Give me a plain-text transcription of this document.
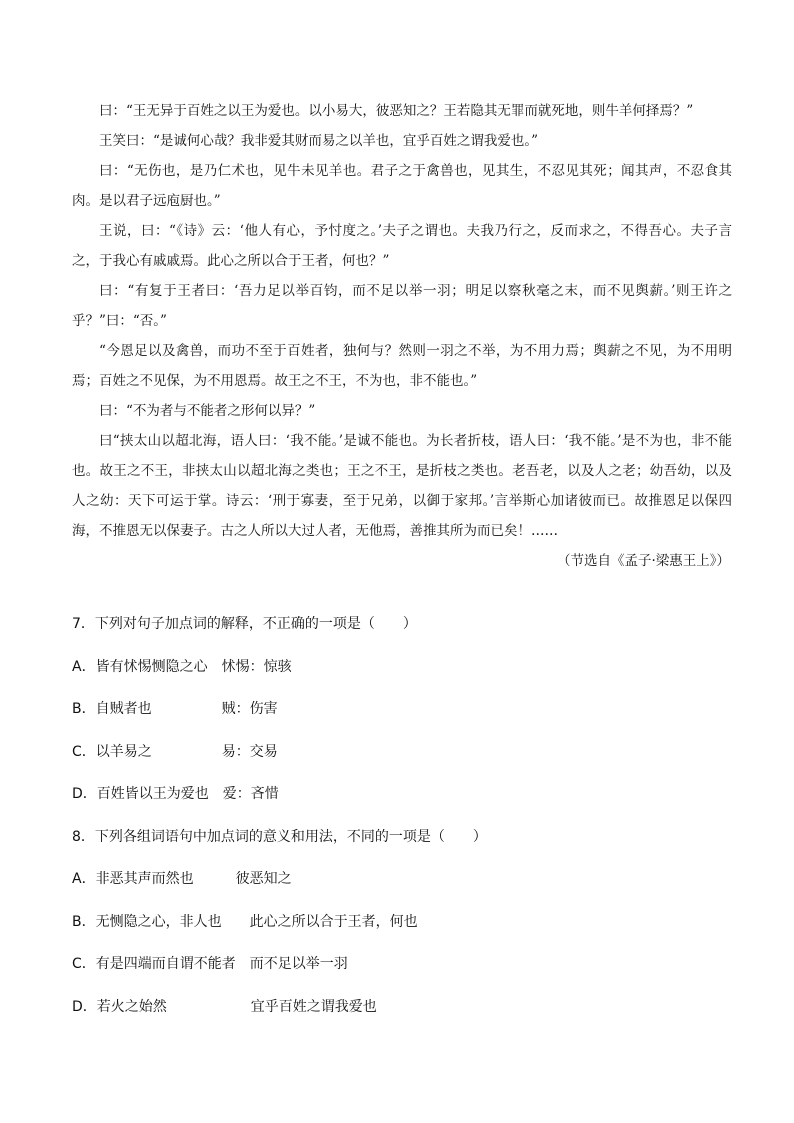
曰：“王无异于百姓之以王为爱也。以小易大，彼恶知之？王若隐其无罪而就死地，则牛羊何择焉？”

王笑曰：“是诚何心哉？我非爱其财而易之以羊也，宜乎百姓之谓我爱也。”

曰：“无伤也，是乃仁术也，见牛未见羊也。君子之于禽兽也，见其生，不忍见其死；闻其声，不忍食其肉。是以君子远庖厨也。”

王说，曰：“《诗》云：‘他人有心，予忖度之。’夫子之谓也。夫我乃行之，反而求之，不得吾心。夫子言之，于我心有戚戚焉。此心之所以合于王者，何也？”

曰：“有复于王者曰：‘吾力足以举百钧，而不足以举一羽；明足以察秋毫之末，而不见舆薪。’则王许之乎？”曰：“否。”

“今恩足以及禽兽，而功不至于百姓者，独何与？然则一羽之不举，为不用力焉；舆薪之不见，为不用明焉；百姓之不见保，为不用恩焉。故王之不王，不为也，非不能也。”

曰：“不为者与不能者之形何以异？”

曰“挟太山以超北海，语人曰：‘我不能。’是诚不能也。为长者折枝，语人曰：‘我不能。’是不为也，非不能也。故王之不王，非挟太山以超北海之类也；王之不王，是折枝之类也。老吾老，以及人之老；幼吾幼，以及人之幼：天下可运于掌。诗云：‘刑于寡妻，至于兄弟，以御于家邦。’言举斯心加诸彼而已。故推恩足以保四海，不推恩无以保妻子。古之人所以大过人者，无他焉，善推其所为而已矣！……

（节选自《孟子·梁惠王上》）
7．下列对句子加点词的解释，不正确的一项是（　　）
A．皆有怵惕恻隐之心　怵惕：惊骇
B．自贼者也　　　　　贼：伤害
C．以羊易之　　　　　易：交易
D．百姓皆以王为爱也　爱：吝惜
8．下列各组词语句中加点词的意义和用法，不同的一项是（　　）
A．非恶其声而然也　　　彼恶知之
B．无恻隐之心，非人也　　此心之所以合于王者，何也
C．有是四端而自谓不能者　而不足以举一羽
D．若火之始然　　　　　　宜乎百姓之谓我爱也
